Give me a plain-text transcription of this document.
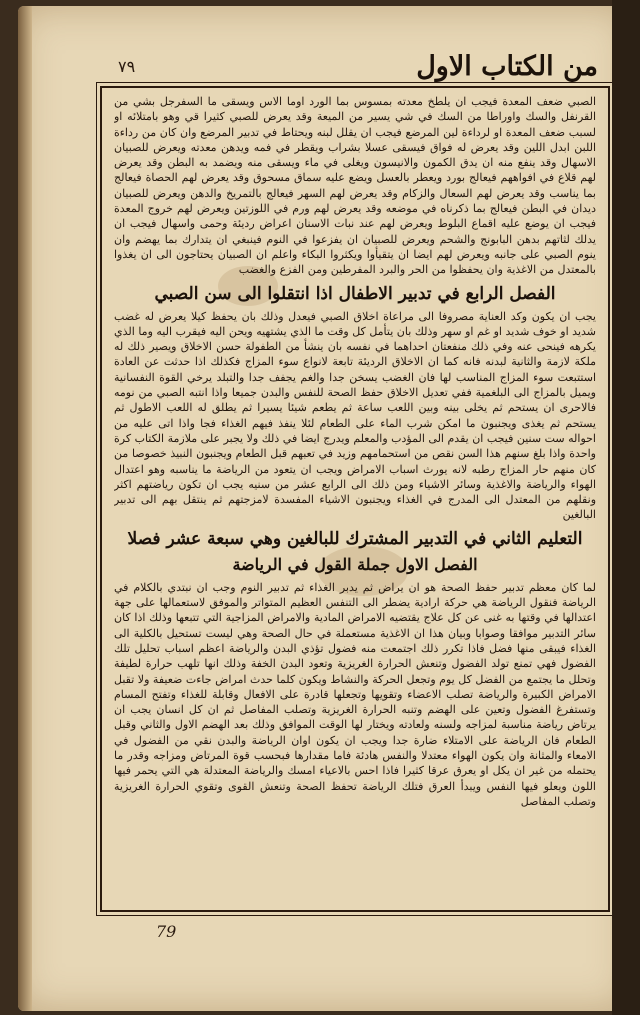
من الكتاب الاول
٧٩

الصبي ضعف المعدة فيجب ان يلطخ معدته بمسوس بما الورد اوما الاس ويسقى ما السفرجل بشي من القرنفل والسك واوراطا من السك في شي يسير من الميعة وقد يعرض للصبي كثيرا قي وهو بامتلائه او لسبب ضعف المعدة او لرداءة لين المرضع فيجب ان يقلل لبنه ويحتاط في تدبير المرضع وان كان من رداءة اللبن ابدل اللين وقد يعرض له فواق فيسقى عسلا بشراب ويقطر في فمه ويدهن معدته ويعرض للصبيان الاسهال وقد ينفع منه ان يدق الكمون والانيسون ويغلى في ماء ويسقى منه ويضمد به البطن وقد يعرض لهم قلاع في افواههم فيعالج بورد ويعطر بالعسل ويضع عليه سماق مسحوق وقد يعرض لهم الحصاة فيعالج بما يناسب وقد يعرض لهم السعال والزكام وقد يعرض لهم السهر فيعالج بالتمريخ والدهن ويعرض للصبيان ديدان في البطن فيعالج بما ذكرناه في موضعه وقد يعرض لهم ورم في اللوزتين ويعرض لهم خروج المعدة فيجب ان يوضع عليه اقماع البلوط ويعرض لهم عند نبات الاسنان اعراض رديئة وحمى واسهال فيجب ان يدلك لثاتهم بدهن البابونج والشحم ويعرض للصبيان ان يفزعوا في النوم فينبغي ان يتدارك بما يهضم وان ينوم الصبي على جانبه ويعرض لهم ايضا ان يتقيأوا ويكثروا البكاء واعلم ان الصبيان يحتاجون الى ان يغذوا بالمعتدل من الاغذية وان يحفظوا من الحر والبرد المفرطين ومن الفزع والغضب

الفصل الرابع في تدبير الاطفال اذا انتقلوا الى سن الصبي

يجب ان يكون وكد العناية مصروفا الى مراعاة اخلاق الصبي فيعدل وذلك بان يحفظ كيلا يعرض له غضب شديد او خوف شديد او غم او سهر وذلك بان يتأمل كل وقت ما الذي يشتهيه ويحن اليه فيقرب اليه وما الذي يكرهه فينحى عنه وفي ذلك منفعتان احداهما في نفسه بان ينشأ من الطفولة حسن الاخلاق ويصير ذلك له ملكة لازمة والثانية لبدنه فانه كما ان الاخلاق الرديئة تابعة لانواع سوء المزاج فكذلك اذا حدثت عن العادة استتبعت سوء المزاج المناسب لها فان الغضب يسخن جدا والغم يجفف جدا والتبلد يرخي القوة النفسانية ويميل بالمزاج الى البلغمية ففي تعديل الاخلاق حفظ الصحة للنفس والبدن جميعا واذا انتبه الصبي من نومه فالاحرى ان يستحم ثم يخلى بينه وبين اللعب ساعة ثم يطعم شيئا يسيرا ثم يطلق له اللعب الاطول ثم يستحم ثم يغذى ويجنبون ما امكن شرب الماء على الطعام لئلا ينفذ فيهم الغذاء فجا واذا اتى عليه من احواله ست سنين فيجب ان يقدم الى المؤدب والمعلم ويدرج ايضا في ذلك ولا يجبر على ملازمة الكتاب كرة واحدة واذا بلغ سنهم هذا السن نقص من استحمامهم وزيد في تعبهم قبل الطعام ويجنبون النبيذ خصوصا من كان منهم حار المزاج رطبه لانه يورث اسباب الامراض ويجب ان يتعود من الرياضة ما يناسبه وهو اعتدال الهواء والرياضة والاغذية وسائر الاشياء ومن ذلك الى الرابع عشر من سنيه يجب ان تكون رياضتهم اكثر ونقلهم من المعتدل الى المدرج في الغذاء ويجنبون الاشياء المفسدة لامزجتهم ثم ينتقل بهم الى تدبير البالغين

التعليم الثاني في التدبير المشترك للبالغين وهي سبعة عشر فصلا
الفصل الاول جملة القول في الرياضة

لما كان معظم تدبير حفظ الصحة هو ان يراض ثم يدبر الغذاء ثم تدبير النوم وجب ان نبتدي بالكلام في الرياضة فنقول الرياضة هي حركة ارادية يضطر الى التنفس العظيم المتواتر والموفق لاستعمالها على جهة اعتدالها في وقتها به غنى عن كل علاج يقتضيه الامراض المادية والامراض المزاجية التي تتبعها وذلك اذا كان سائر التدبير موافقا وصوابا وبيان هذا ان الاغذية مستعملة في حال الصحة وهي ليست تستحيل بالكلية الى الغذاء فيبقى منها فضل فاذا تكرر ذلك اجتمعت منه فضول تؤذي البدن والرياضة اعظم اسباب تحليل تلك الفضول فهي تمنع تولد الفضول وتنعش الحرارة الغريزية وتعود البدن الخفة وذلك انها تلهب حرارة لطيفة وتحلل ما يجتمع من الفضل كل يوم وتجعل الحركة والنشاط ويكون كلما حدث امراض جاءت ضعيفة ولا تقبل الامراض الكبيرة والرياضة تصلب الاعضاء وتقويها وتجعلها قادرة على الافعال وقابلة للغذاء وتفتح المسام وتستفرغ الفضول وتعين على الهضم وتنبه الحرارة الغريزية وتصلب المفاصل ثم ان كل انسان يجب ان يرتاض رياضة مناسبة لمزاجه ولسنه ولعادته ويختار لها الوقت الموافق وذلك بعد الهضم الاول والثاني وقبل الطعام فان الرياضة على الامتلاء ضارة جدا ويجب ان يكون اوان الرياضة والبدن نقي من الفضول في الامعاء والمثانة وان يكون الهواء معتدلا والنفس هادئة فاما مقدارها فبحسب قوة المرتاض ومزاجه وقدر ما يحتمله من غير ان يكل او يعرق عرقا كثيرا فاذا احس بالاعياء امسك والرياضة المعتدلة هي التي يحمر فيها اللون ويعلو فيها النفس ويبدأ العرق فتلك الرياضة تحفظ الصحة وتنعش القوى وتقوي الحرارة الغريزية وتصلب المفاصل

79
